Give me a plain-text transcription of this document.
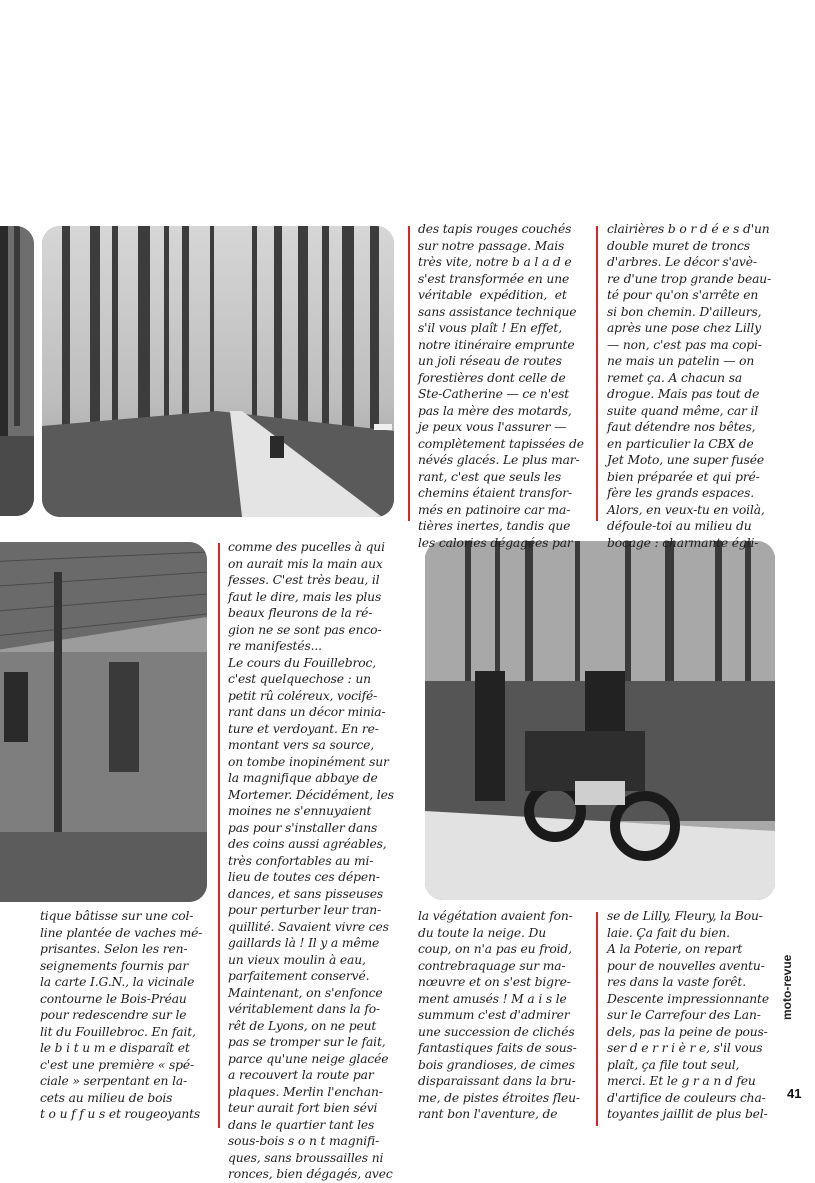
des tapis rouges couchés
sur notre passage. Mais
très vite, notre b a l a d e
s'est transformée en une
véritable  expédition,  et
sans assistance technique
s'il vous plaît ! En effet,
notre itinéraire emprunte
un joli réseau de routes
forestières dont celle de
Ste-Catherine — ce n'est
pas la mère des motards,
je peux vous l'assurer —
complètement tapissées de
névés glacés. Le plus mar-
rant, c'est que seuls les
chemins étaient transfor-
més en patinoire car ma-
tières inertes, tandis que
les calories dégagées par

clairières b o r d é e s d'un
double muret de troncs
d'arbres. Le décor s'avè-
re d'une trop grande beau-
té pour qu'on s'arrête en
si bon chemin. D'ailleurs,
après une pose chez Lilly
— non, c'est pas ma copi-
ne mais un patelin — on
remet ça. A chacun sa
drogue. Mais pas tout de
suite quand même, car il
faut détendre nos bêtes,
en particulier la CBX de
Jet Moto, une super fusée
bien préparée et qui pré-
fère les grands espaces.
Alors, en veux-tu en voilà,
défoule-toi au milieu du
bocage : charmante égli-

comme des pucelles à qui
on aurait mis la main aux
fesses. C'est très beau, il
faut le dire, mais les plus
beaux fleurons de la ré-
gion ne se sont pas enco-
re manifestés...
Le cours du Fouillebroc,
c'est quelquechose : un
petit rû coléreux, vocifé-
rant dans un décor minia-
ture et verdoyant. En re-
montant vers sa source,
on tombe inopinément sur
la magnifique abbaye de
Mortemer. Décidément, les
moines ne s'ennuyaient
pas pour s'installer dans
des coins aussi agréables,
très confortables au mi-
lieu de toutes ces dépen-
dances, et sans pisseuses
pour perturber leur tran-
quillité. Savaient vivre ces
gaillards là ! Il y a même
un vieux moulin à eau,
parfaitement conservé.
Maintenant, on s'enfonce
véritablement dans la fo-
rêt de Lyons, on ne peut
pas se tromper sur le fait,
parce qu'une neige glacée
a recouvert la route par
plaques. Merlin l'enchan-
teur aurait fort bien sévi
dans le quartier tant les
sous-bois s o n t magnifi-
ques, sans broussailles ni
ronces, bien dégagés, avec

tique bâtisse sur une col-
line plantée de vaches mé-
prisantes. Selon les ren-
seignements fournis par
la carte I.G.N., la vicinale
contourne le Bois-Préau
pour redescendre sur le
lit du Fouillebroc. En fait,
le b i t u m e disparaît et
c'est une première « spé-
ciale » serpentant en la-
cets au milieu de bois
t o u f f u s et rougeoyants

la végétation avaient fon-
du toute la neige. Du
coup, on n'a pas eu froid,
contrebraquage sur ma-
nœuvre et on s'est bigre-
ment amusés ! M a i s le
summum c'est d'admirer
une succession de clichés
fantastiques faits de sous-
bois grandioses, de cimes
disparaissant dans la bru-
me, de pistes étroites fleu-
rant bon l'aventure, de

se de Lilly, Fleury, la Bou-
laie. Ça fait du bien.
A la Poterie, on repart
pour de nouvelles aventu-
res dans la vaste forêt.
Descente impressionnante
sur le Carrefour des Lan-
dels, pas la peine de pous-
ser d e r r i è r e, s'il vous
plaît, ça file tout seul,
merci. Et le g r a n d feu
d'artifice de couleurs cha-
toyantes jaillit de plus bel-

moto-revue
41
